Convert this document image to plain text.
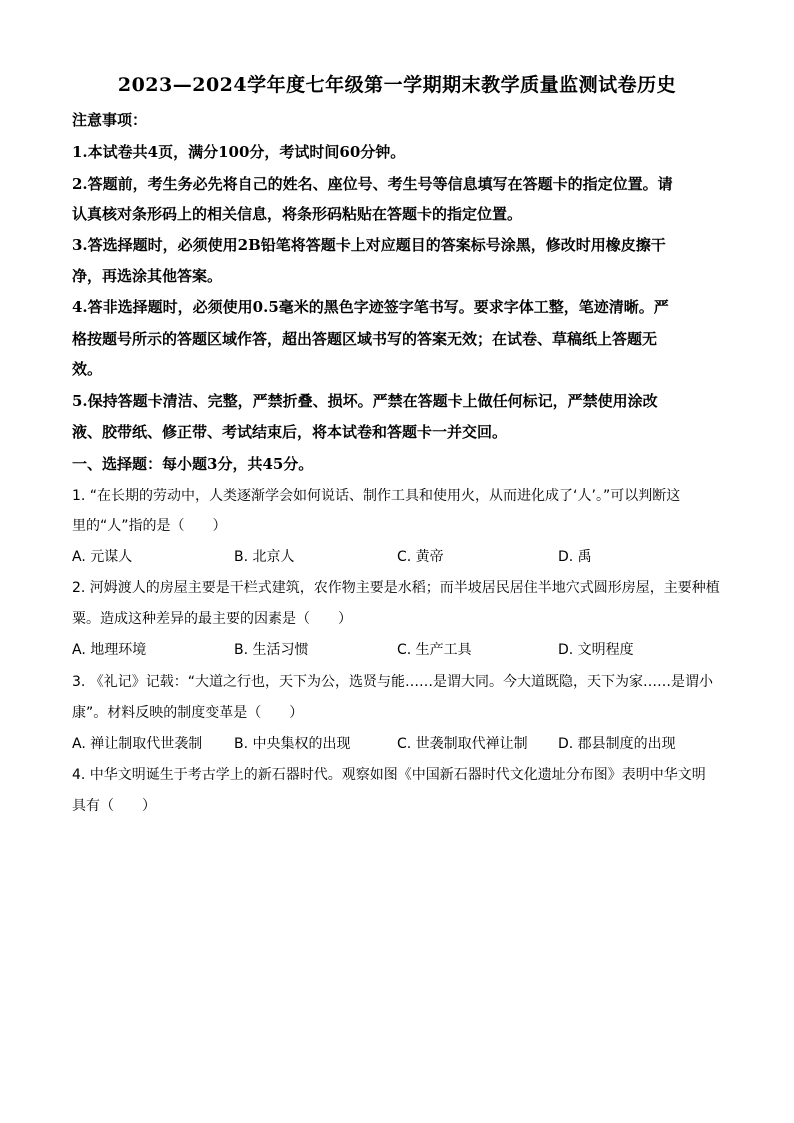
2023—2024学年度七年级第一学期期末教学质量监测试卷历史
注意事项：
1.本试卷共4页，满分100分，考试时间60分钟。
2.答题前，考生务必先将自己的姓名、座位号、考生号等信息填写在答题卡的指定位置。请
认真核对条形码上的相关信息，将条形码粘贴在答题卡的指定位置。
3.答选择题时，必须使用2B铅笔将答题卡上对应题目的答案标号涂黑，修改时用橡皮擦干
净，再选涂其他答案。
4.答非选择题时，必须使用0.5毫米的黑色字迹签字笔书写。要求字体工整，笔迹清晰。严
格按题号所示的答题区域作答，超出答题区域书写的答案无效；在试卷、草稿纸上答题无
效。
5.保持答题卡清洁、完整，严禁折叠、损坏。严禁在答题卡上做任何标记，严禁使用涂改
液、胶带纸、修正带、考试结束后，将本试卷和答题卡一并交回。
一、选择题：每小题3分，共45分。
1. “在长期的劳动中，人类逐渐学会如何说话、制作工具和使用火，从而进化成了‘人’。”可以判断这
里的“人”指的是（　　）
A. 元谋人	B. 北京人	C. 黄帝	D. 禹
2. 河姆渡人的房屋主要是干栏式建筑，农作物主要是水稻；而半坡居民居住半地穴式圆形房屋，主要种植
粟。造成这种差异的最主要的因素是（　　）
A. 地理环境	B. 生活习惯	C. 生产工具	D. 文明程度
3. 《礼记》记载：“大道之行也，天下为公，选贤与能……是谓大同。今大道既隐，天下为家……是谓小
康”。材料反映的制度变革是（　　）
A. 禅让制取代世袭制 B. 中央集权的出现	C. 世袭制取代禅让制 D. 郡县制度的出现
4. 中华文明诞生于考古学上的新石器时代。观察如图《中国新石器时代文化遗址分布图》表明中华文明
具有（　　）
